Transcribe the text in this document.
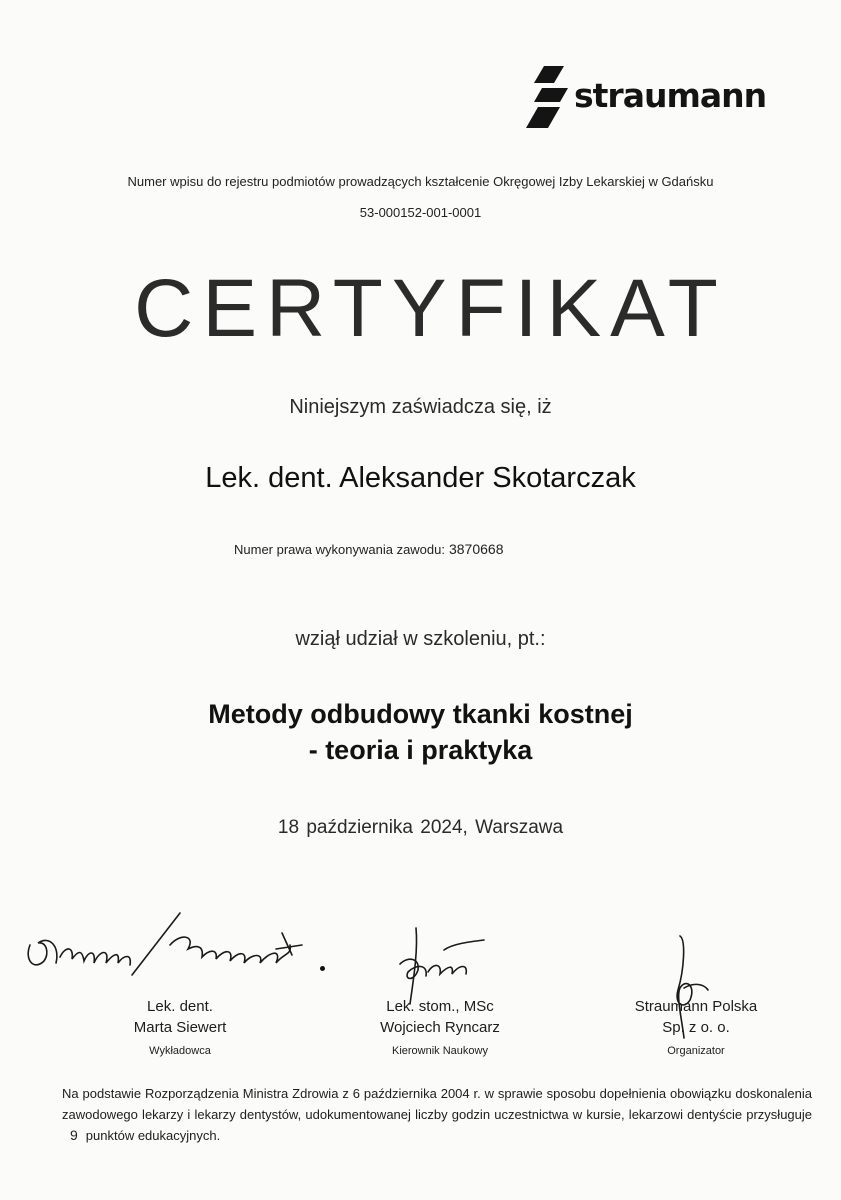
straumann
Numer wpisu do rejestru podmiotów prowadzących kształcenie Okręgowej Izby Lekarskiej w Gdańsku
53-000152-001-0001
CERTYFIKAT
Niniejszym zaświadcza się, iż
Lek. dent. Aleksander Skotarczak
Numer prawa wykonywania zawodu: 3870668
wziął udział w szkoleniu, pt.:
Metody odbudowy tkanki kostnej
- teoria i praktyka
18 października 2024, Warszawa
Lek. dent.
Marta Siewert
Wykładowca
Lek. stom., MSc
Wojciech Ryncarz
Kierownik Naukowy
Straumann Polska
Sp. z o. o.
Organizator
Na podstawie Rozporządzenia Ministra Zdrowia z 6 października 2004 r. w sprawie sposobu dopełnienia obowiązku doskonalenia zawodowego lekarzy i lekarzy dentystów, udokumentowanej liczby godzin uczestnictwa w kursie, lekarzowi dentyście przysługuje9 punktów edukacyjnych.
